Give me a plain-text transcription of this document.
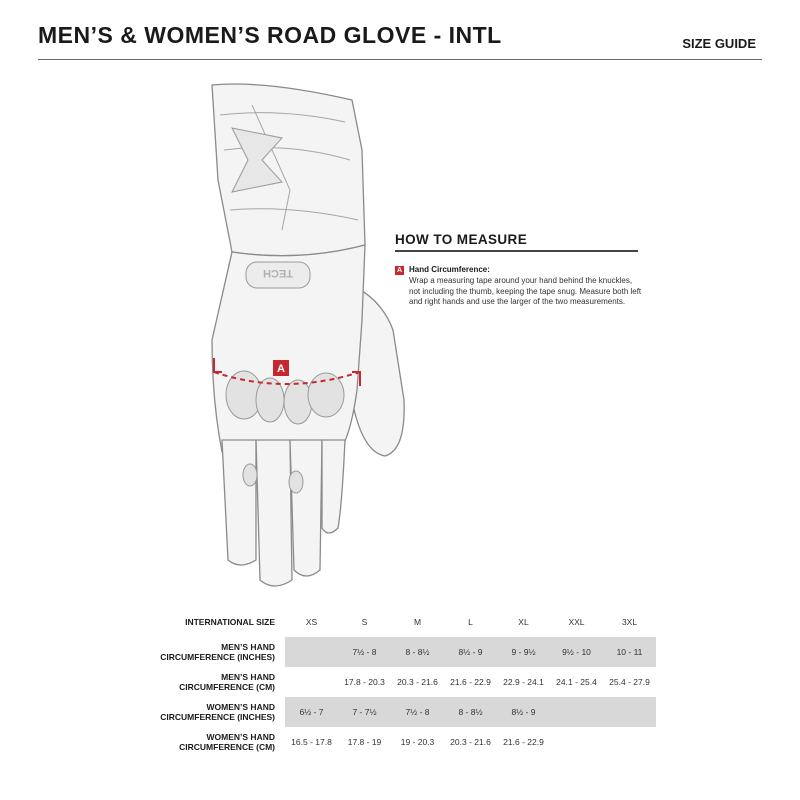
MEN’S & WOMEN’S ROAD GLOVE - INTL	SIZE GUIDE
TECH
A
HOW TO MEASURE
A Hand Circumference:
Wrap a measuring tape around your hand behind the knuckles, not including the thumb, keeping the tape snug. Measure both left and right hands and use the larger of the two measurements.
INTERNATIONAL SIZE	XS	S	M	L	XL	XXL	3XL
MEN’S HAND CIRCUMFERENCE (INCHES)		7½ - 8	8 - 8½	8½ - 9	9 - 9½	9½ - 10	10 - 11
MEN’S HAND CIRCUMFERENCE (CM)		17.8 - 20.3	20.3 - 21.6	21.6 - 22.9	22.9 - 24.1	24.1 - 25.4	25.4 - 27.9
WOMEN’S HAND CIRCUMFERENCE (INCHES)	6½ - 7	7 - 7½	7½ - 8	8 - 8½	8½ - 9		
WOMEN’S HAND CIRCUMFERENCE (CM)	16.5 - 17.8	17.8 - 19	19 - 20.3	20.3 - 21.6	21.6 - 22.9		
